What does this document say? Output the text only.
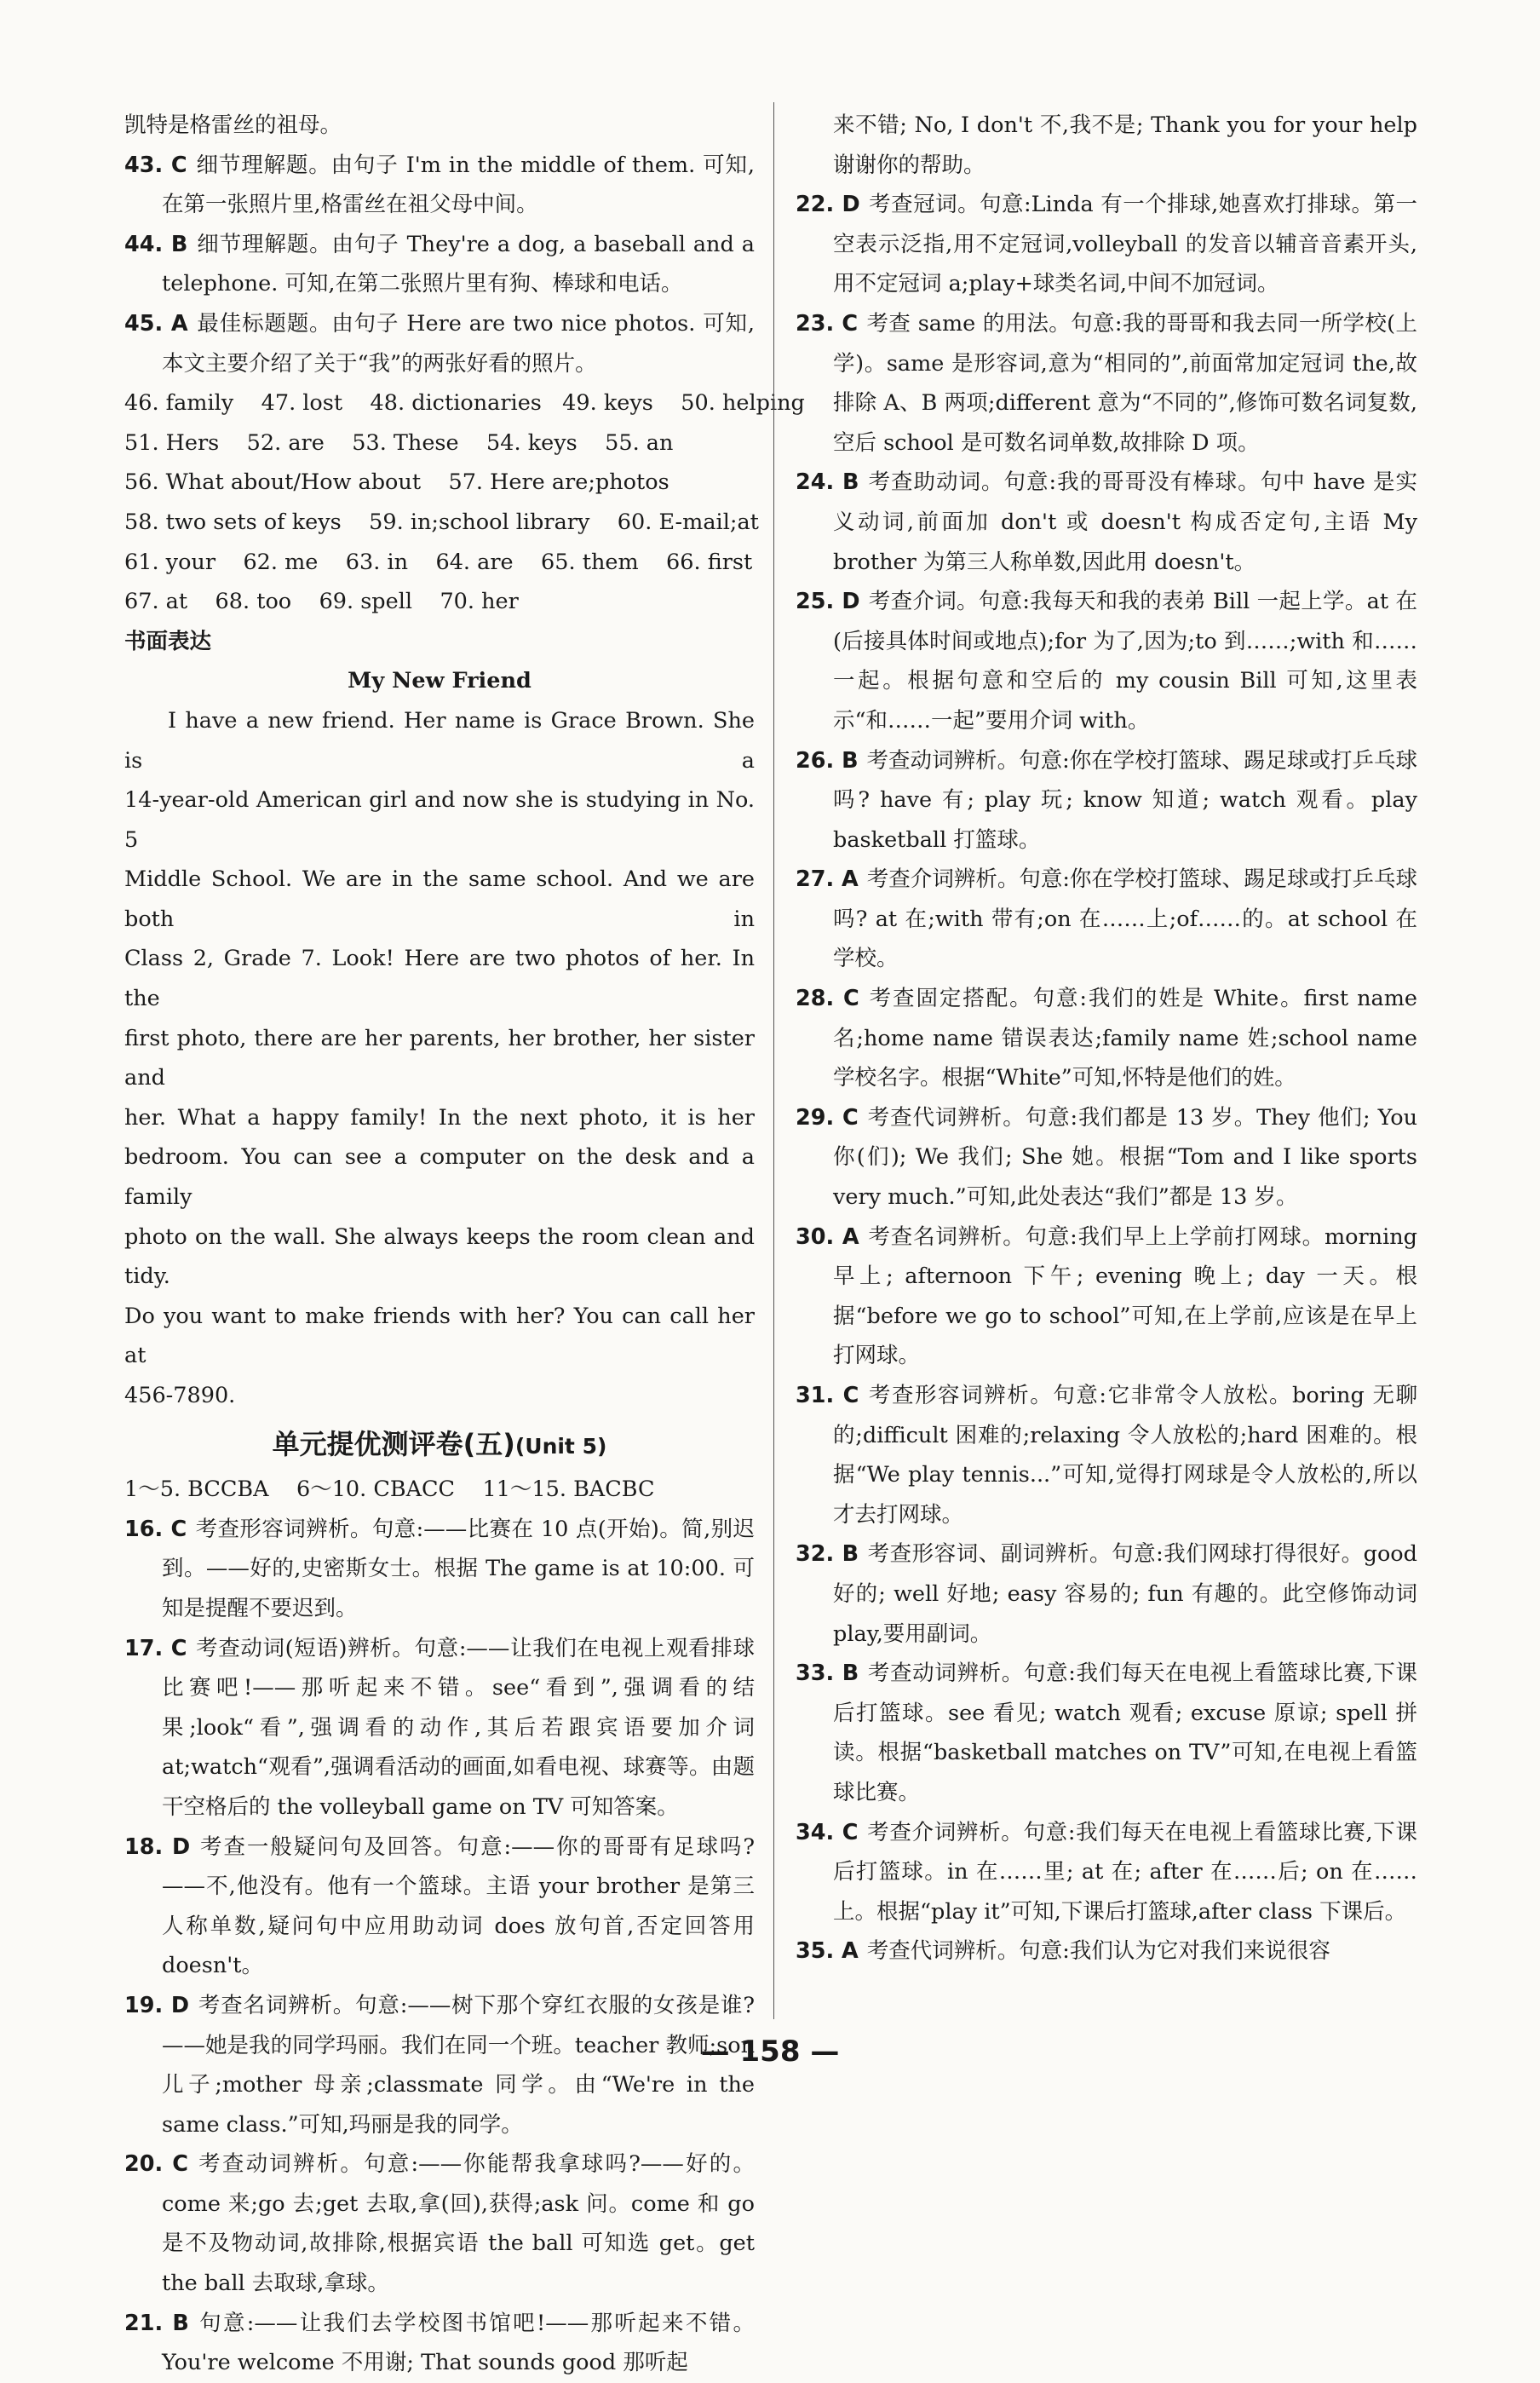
凯特是格雷丝的祖母。

43. C 细节理解题。由句子 I'm in the middle of them. 可知,在第一张照片里,格雷丝在祖父母中间。

44. B 细节理解题。由句子 They're a dog, a baseball and a telephone. 可知,在第二张照片里有狗、棒球和电话。

45. A 最佳标题题。由句子 Here are two nice photos. 可知,本文主要介绍了关于“我”的两张好看的照片。

46. family    47. lost    48. dictionaries   49. keys    50. helping

51. Hers    52. are    53. These    54. keys    55. an

56. What about/How about    57. Here are;photos

58. two sets of keys    59. in;school library    60. E-mail;at

61. your    62. me    63. in    64. are    65. them    66. first

67. at    68. too    69. spell    70. her

书面表达

My New Friend

I have a new friend. Her name is Grace Brown. She is a

14-year-old American girl and now she is studying in No. 5

Middle School. We are in the same school. And we are both in

Class 2, Grade 7. Look! Here are two photos of her. In the

first photo, there are her parents, her brother, her sister and

her. What a happy family! In the next photo, it is her

bedroom. You can see a computer on the desk and a family

photo on the wall. She always keeps the room clean and tidy.

Do you want to make friends with her? You can call her at

456-7890.

单元提优测评卷(五)(Unit 5)

1～5. BCCBA    6～10. CBACC    11～15. BACBC

16. C 考查形容词辨析。句意:——比赛在 10 点(开始)。简,别迟到。——好的,史密斯女士。根据 The game is at 10:00. 可知是提醒不要迟到。

17. C 考查动词(短语)辨析。句意:——让我们在电视上观看排球比赛吧!——那听起来不错。see“看到”,强调看的结果;look“看”,强调看的动作,其后若跟宾语要加介词 at;watch“观看”,强调看活动的画面,如看电视、球赛等。由题干空格后的 the volleyball game on TV 可知答案。

18. D 考查一般疑问句及回答。句意:——你的哥哥有足球吗?——不,他没有。他有一个篮球。主语 your brother 是第三人称单数,疑问句中应用助动词 does 放句首,否定回答用 doesn't。

19. D 考查名词辨析。句意:——树下那个穿红衣服的女孩是谁?——她是我的同学玛丽。我们在同一个班。teacher 教师;son 儿子;mother 母亲;classmate 同学。由“We're in the same class.”可知,玛丽是我的同学。

20. C 考查动词辨析。句意:——你能帮我拿球吗?——好的。come 来;go 去;get 去取,拿(回),获得;ask 问。come 和 go 是不及物动词,故排除,根据宾语 the ball 可知选 get。get the ball 去取球,拿球。

21. B 句意:——让我们去学校图书馆吧!——那听起来不错。You're welcome 不用谢; That sounds good 那听起

来不错; No, I don't 不,我不是; Thank you for your help 谢谢你的帮助。

22. D 考查冠词。句意:Linda 有一个排球,她喜欢打排球。第一空表示泛指,用不定冠词,volleyball 的发音以辅音音素开头,用不定冠词 a;play+球类名词,中间不加冠词。

23. C 考查 same 的用法。句意:我的哥哥和我去同一所学校(上学)。same 是形容词,意为“相同的”,前面常加定冠词 the,故排除 A、B 两项;different 意为“不同的”,修饰可数名词复数,空后 school 是可数名词单数,故排除 D 项。

24. B 考查助动词。句意:我的哥哥没有棒球。句中 have 是实义动词,前面加 don't 或 doesn't 构成否定句,主语 My brother 为第三人称单数,因此用 doesn't。

25. D 考查介词。句意:我每天和我的表弟 Bill 一起上学。at 在(后接具体时间或地点);for 为了,因为;to 到……;with 和……一起。根据句意和空后的 my cousin Bill 可知,这里表示“和……一起”要用介词 with。

26. B 考查动词辨析。句意:你在学校打篮球、踢足球或打乒乓球吗? have 有; play 玩; know 知道; watch 观看。play basketball 打篮球。

27. A 考查介词辨析。句意:你在学校打篮球、踢足球或打乒乓球吗? at 在;with 带有;on 在……上;of……的。at school 在学校。

28. C 考查固定搭配。句意:我们的姓是 White。first name 名;home name 错误表达;family name 姓;school name 学校名字。根据“White”可知,怀特是他们的姓。

29. C 考查代词辨析。句意:我们都是 13 岁。They 他们; You 你(们); We 我们; She 她。根据“Tom and I like sports very much.”可知,此处表达“我们”都是 13 岁。

30. A 考查名词辨析。句意:我们早上上学前打网球。morning 早上; afternoon 下午; evening 晚上; day 一天。根据“before we go to school”可知,在上学前,应该是在早上打网球。

31. C 考查形容词辨析。句意:它非常令人放松。boring 无聊的;difficult 困难的;relaxing 令人放松的;hard 困难的。根据“We play tennis...”可知,觉得打网球是令人放松的,所以才去打网球。

32. B 考查形容词、副词辨析。句意:我们网球打得很好。good 好的; well 好地; easy 容易的; fun 有趣的。此空修饰动词 play,要用副词。

33. B 考查动词辨析。句意:我们每天在电视上看篮球比赛,下课后打篮球。see 看见; watch 观看; excuse 原谅; spell 拼读。根据“basketball matches on TV”可知,在电视上看篮球比赛。

34. C 考查介词辨析。句意:我们每天在电视上看篮球比赛,下课后打篮球。in 在……里; at 在; after 在……后; on 在……上。根据“play it”可知,下课后打篮球,after class 下课后。

35. A 考查代词辨析。句意:我们认为它对我们来说很容

— 158 —
